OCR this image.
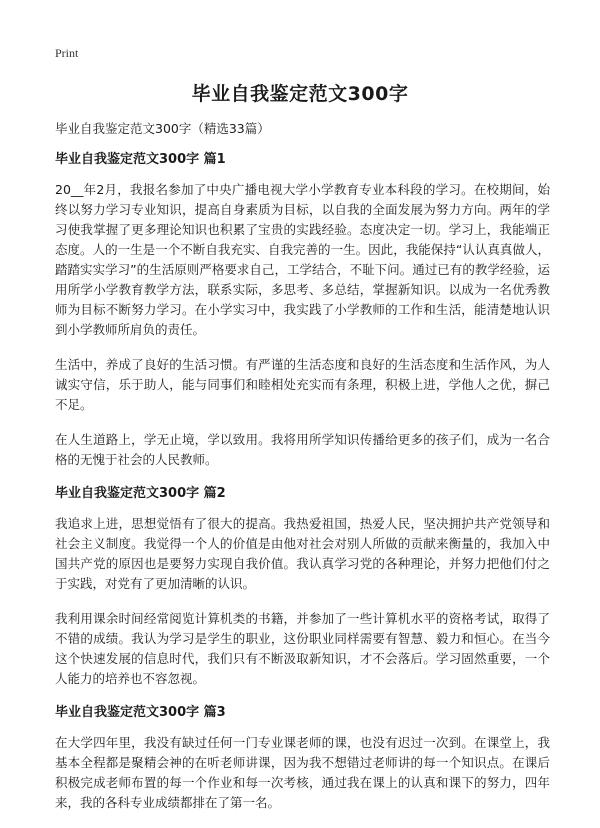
Print
毕业自我鉴定范文300字

毕业自我鉴定范文300字（精选33篇）

毕业自我鉴定范文300字 篇1

20__年2月，我报名参加了中央广播电视大学小学教育专业本科段的学习。在校期间，始终以努力学习专业知识，提高自身素质为目标，以自我的全面发展为努力方向。两年的学习使我掌握了更多理论知识也积累了宝贵的实践经验。态度决定一切。学习上，我能端正态度。人的一生是一个不断自我充实、自我完善的一生。因此，我能保持“认认真真做人，踏踏实实学习”的生活原则严格要求自己，工学结合，不耻下问。通过已有的教学经验，运用所学小学教育教学方法，联系实际，多思考、多总结，掌握新知识。以成为一名优秀教师为目标不断努力学习。在小学实习中，我实践了小学教师的工作和生活，能清楚地认识到小学教师所肩负的责任。

生活中，养成了良好的生活习惯。有严谨的生活态度和良好的生活态度和生活作风，为人诚实守信，乐于助人，能与同事们和睦相处充实而有条理，积极上进，学他人之优，摒己不足。

在人生道路上，学无止境，学以致用。我将用所学知识传播给更多的孩子们，成为一名合格的无愧于社会的人民教师。

毕业自我鉴定范文300字 篇2

我追求上进，思想觉悟有了很大的提高。我热爱祖国，热爱人民，坚决拥护共产党领导和社会主义制度。我觉得一个人的价值是由他对社会对别人所做的贡献来衡量的，我加入中国共产党的原因也是要努力实现自我价值。我认真学习党的各种理论，并努力把他们付之于实践，对党有了更加清晰的认识。

我利用课余时间经常阅览计算机类的书籍，并参加了一些计算机水平的资格考试，取得了不错的成绩。我认为学习是学生的职业，这份职业同样需要有智慧、毅力和恒心。在当今这个快速发展的信息时代，我们只有不断汲取新知识，才不会落后。学习固然重要，一个人能力的培养也不容忽视。

毕业自我鉴定范文300字 篇3

在大学四年里，我没有缺过任何一门专业课老师的课，也没有迟过一次到。在课堂上，我基本全程都是聚精会神的在听老师讲课，因为我不想错过老师讲的每一个知识点。在课后积极完成老师布置的每一个作业和每一次考核，通过我在课上的认真和课下的努力，四年来，我的各科专业成绩都排在了第一名。
